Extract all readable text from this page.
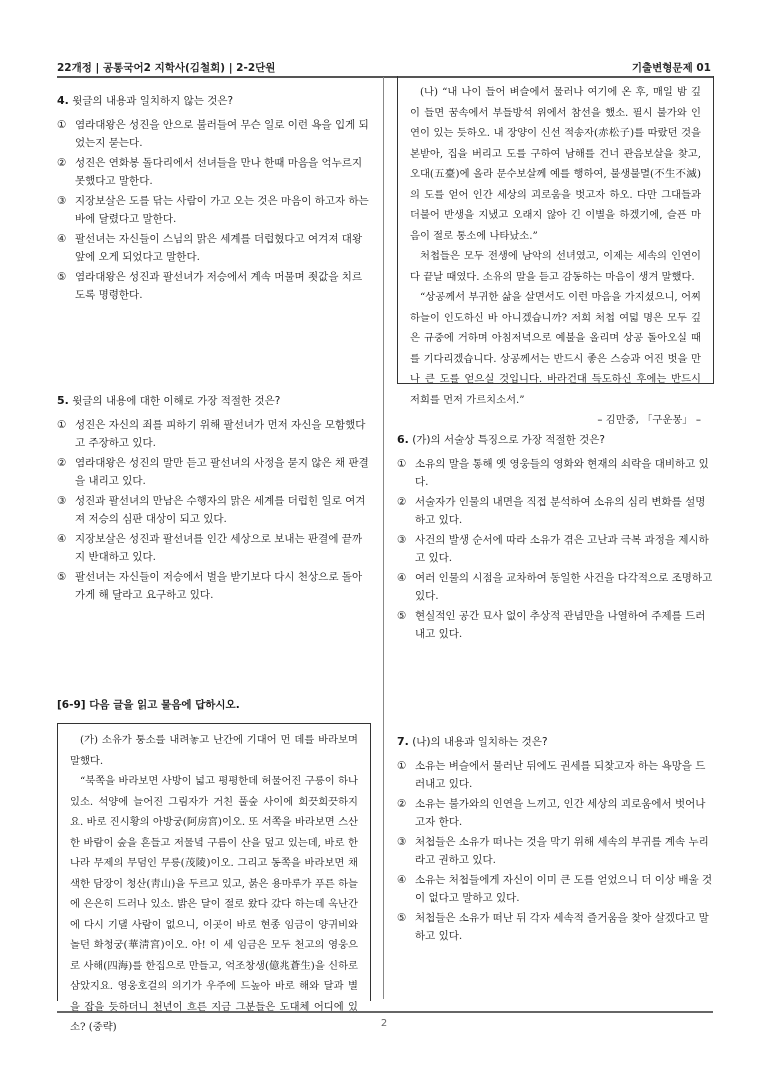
22개정 | 공통국어2 지학사(김철회) | 2-2단원	기출변형문제 01
4. 윗글의 내용과 일치하지 않는 것은?
① 염라대왕은 성진을 안으로 불러들여 무슨 일로 이런 욕을 입게 되었는지 묻는다.
② 성진은 연화봉 돌다리에서 선녀들을 만나 한때 마음을 억누르지 못했다고 말한다.
③ 지장보살은 도를 닦는 사람이 가고 오는 것은 마음이 하고자 하는 바에 달렸다고 말한다.
④ 팔선녀는 자신들이 스님의 맑은 세계를 더럽혔다고 여겨져 대왕 앞에 오게 되었다고 말한다.
⑤ 염라대왕은 성진과 팔선녀가 저승에서 계속 머물며 죗값을 치르도록 명령한다.
5. 윗글의 내용에 대한 이해로 가장 적절한 것은?
① 성진은 자신의 죄를 피하기 위해 팔선녀가 먼저 자신을 모함했다고 주장하고 있다.
② 염라대왕은 성진의 말만 듣고 팔선녀의 사정을 묻지 않은 채 판결을 내리고 있다.
③ 성진과 팔선녀의 만남은 수행자의 맑은 세계를 더럽힌 일로 여겨져 저승의 심판 대상이 되고 있다.
④ 지장보살은 성진과 팔선녀를 인간 세상으로 보내는 판결에 끝까지 반대하고 있다.
⑤ 팔선녀는 자신들이 저승에서 벌을 받기보다 다시 천상으로 돌아가게 해 달라고 요구하고 있다.
[6-9] 다음 글을 읽고 물음에 답하시오.

(가) 소유가 퉁소를 내려놓고 난간에 기대어 먼 데를 바라보며 말했다.

“북쪽을 바라보면 사방이 넓고 평평한데 허물어진 구릉이 하나 있소. 석양에 늘어진 그림자가 거친 풀숲 사이에 희끗희끗하지요. 바로 진시황의 아방궁(阿房宮)이오. 또 서쪽을 바라보면 스산한 바람이 숲을 흔들고 저물녘 구름이 산을 덮고 있는데, 바로 한나라 무제의 무덤인 무릉(茂陵)이오. 그리고 동쪽을 바라보면 채색한 담장이 청산(靑山)을 두르고 있고, 붉은 용마루가 푸른 하늘에 은은히 드러나 있소. 밝은 달이 절로 왔다 갔다 하는데 옥난간에 다시 기댈 사람이 없으니, 이곳이 바로 현종 임금이 양귀비와 놀던 화청궁(華淸宮)이오. 아! 이 세 임금은 모두 천고의 영웅으로 사해(四海)를 한집으로 만들고, 억조창생(億兆蒼生)을 신하로 삼았지요. 영웅호걸의 의기가 우주에 드높아 바로 해와 달과 별을 잡을 듯하더니 천년이 흐른 지금 그분들은 도대체 어디에 있소? (중략)

(나) “내 나이 들어 벼슬에서 물러나 여기에 온 후, 매일 밤 깊이 들면 꿈속에서 부들방석 위에서 참선을 했소. 필시 불가와 인연이 있는 듯하오. 내 장양이 신선 적송자(赤松子)를 따랐던 것을 본받아, 집을 버리고 도를 구하여 남해를 건너 관음보살을 찾고, 오대(五臺)에 올라 문수보살께 예를 행하여, 불생불멸(不生不滅)의 도를 얻어 인간 세상의 괴로움을 벗고자 하오. 다만 그대들과 더불어 반생을 지냈고 오래지 않아 긴 이별을 하겠기에, 슬픈 마음이 절로 통소에 나타났소.”

처첩들은 모두 전생에 남악의 선녀였고, 이제는 세속의 인연이 다 끝날 때였다. 소유의 말을 듣고 감동하는 마음이 생겨 말했다.

“상공께서 부귀한 삶을 살면서도 이런 마음을 가지셨으니, 어찌 하늘이 인도하신 바 아니겠습니까? 저희 처첩 여덟 명은 모두 깊은 규중에 거하며 아침저녁으로 예불을 올리며 상공 돌아오실 때를 기다리겠습니다. 상공께서는 반드시 좋은 스승과 어진 벗을 만나 큰 도를 얻으실 것입니다. 바라건대 득도하신 후에는 반드시 저희를 먼저 가르치소서.”

– 김만중, 「구운몽」 –
6. (가)의 서술상 특징으로 가장 적절한 것은?
① 소유의 말을 통해 옛 영웅들의 영화와 현재의 쇠락을 대비하고 있다.
② 서술자가 인물의 내면을 직접 분석하여 소유의 심리 변화를 설명하고 있다.
③ 사건의 발생 순서에 따라 소유가 겪은 고난과 극복 과정을 제시하고 있다.
④ 여러 인물의 시점을 교차하여 동일한 사건을 다각적으로 조명하고 있다.
⑤ 현실적인 공간 묘사 없이 추상적 관념만을 나열하여 주제를 드러내고 있다.
7. (나)의 내용과 일치하는 것은?
① 소유는 벼슬에서 물러난 뒤에도 권세를 되찾고자 하는 욕망을 드러내고 있다.
② 소유는 불가와의 인연을 느끼고, 인간 세상의 괴로움에서 벗어나고자 한다.
③ 처첩들은 소유가 떠나는 것을 막기 위해 세속의 부귀를 계속 누리라고 권하고 있다.
④ 소유는 처첩들에게 자신이 이미 큰 도를 얻었으니 더 이상 배울 것이 없다고 말하고 있다.
⑤ 처첩들은 소유가 떠난 뒤 각자 세속적 즐거움을 찾아 살겠다고 말하고 있다.
2
